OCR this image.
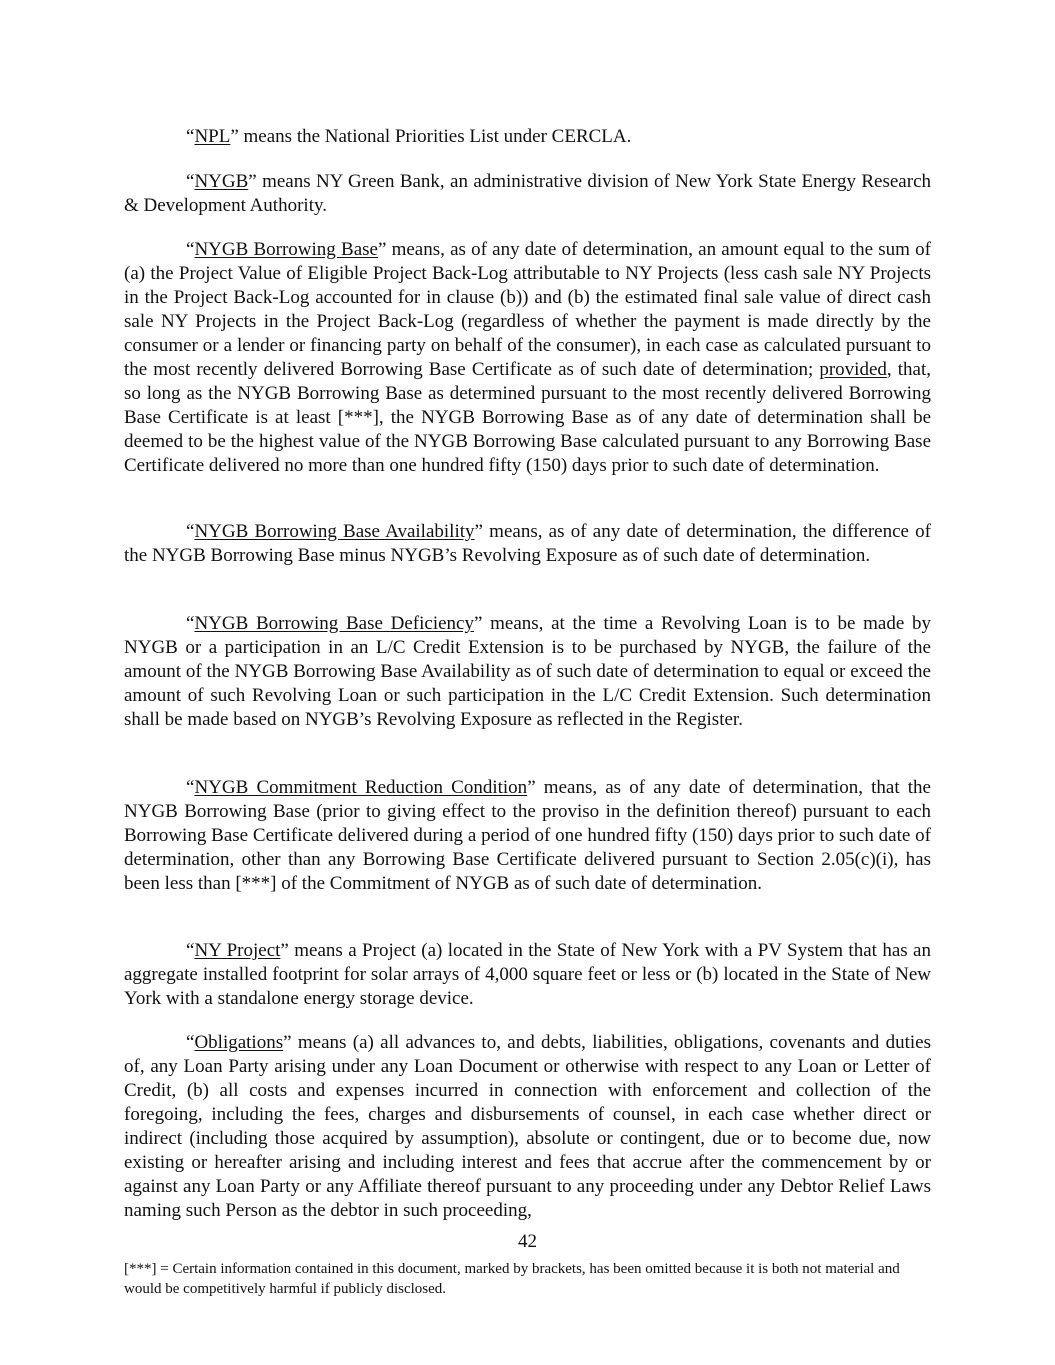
“NPL” means the National Priorities List under CERCLA.

“NYGB” means NY Green Bank, an administrative division of New York State Energy Research & Development Authority.

“NYGB Borrowing Base” means, as of any date of determination, an amount equal to the sum of (a) the Project Value of Eligible Project Back-Log attributable to NY Projects (less cash sale NY Projects in the Project Back-Log accounted for in clause (b)) and (b) the estimated final sale value of direct cash sale NY Projects in the Project Back-Log (regardless of whether the payment is made directly by the consumer or a lender or financing party on behalf of the consumer), in each case as calculated pursuant to the most recently delivered Borrowing Base Certificate as of such date of determination; provided, that, so long as the NYGB Borrowing Base as determined pursuant to the most recently delivered Borrowing Base Certificate is at least [***], the NYGB Borrowing Base as of any date of determination shall be deemed to be the highest value of the NYGB Borrowing Base calculated pursuant to any Borrowing Base Certificate delivered no more than one hundred fifty (150) days prior to such date of determination.

“NYGB Borrowing Base Availability” means, as of any date of determination, the difference of the NYGB Borrowing Base minus NYGB’s Revolving Exposure as of such date of determination.

“NYGB Borrowing Base Deficiency” means, at the time a Revolving Loan is to be made by NYGB or a participation in an L/C Credit Extension is to be purchased by NYGB, the failure of the amount of the NYGB Borrowing Base Availability as of such date of determination to equal or exceed the amount of such Revolving Loan or such participation in the L/C Credit Extension. Such determination shall be made based on NYGB’s Revolving Exposure as reflected in the Register.

“NYGB Commitment Reduction Condition” means, as of any date of determination, that the NYGB Borrowing Base (prior to giving effect to the proviso in the definition thereof) pursuant to each Borrowing Base Certificate delivered during a period of one hundred fifty (150) days prior to such date of determination, other than any Borrowing Base Certificate delivered pursuant to Section 2.05(c)(i), has been less than [***] of the Commitment of NYGB as of such date of determination.

“NY Project” means a Project (a) located in the State of New York with a PV System that has an aggregate installed footprint for solar arrays of 4,000 square feet or less or (b) located in the State of New York with a standalone energy storage device.

“Obligations” means (a) all advances to, and debts, liabilities, obligations, covenants and duties of, any Loan Party arising under any Loan Document or otherwise with respect to any Loan or Letter of Credit, (b) all costs and expenses incurred in connection with enforcement and collection of the foregoing, including the fees, charges and disbursements of counsel, in each case whether direct or indirect (including those acquired by assumption), absolute or contingent, due or to become due, now existing or hereafter arising and including interest and fees that accrue after the commencement by or against any Loan Party or any Affiliate thereof pursuant to any proceeding under any Debtor Relief Laws naming such Person as the debtor in such proceeding,

42
[***] = Certain information contained in this document, marked by brackets, has been omitted because it is both not material and would be competitively harmful if publicly disclosed.
